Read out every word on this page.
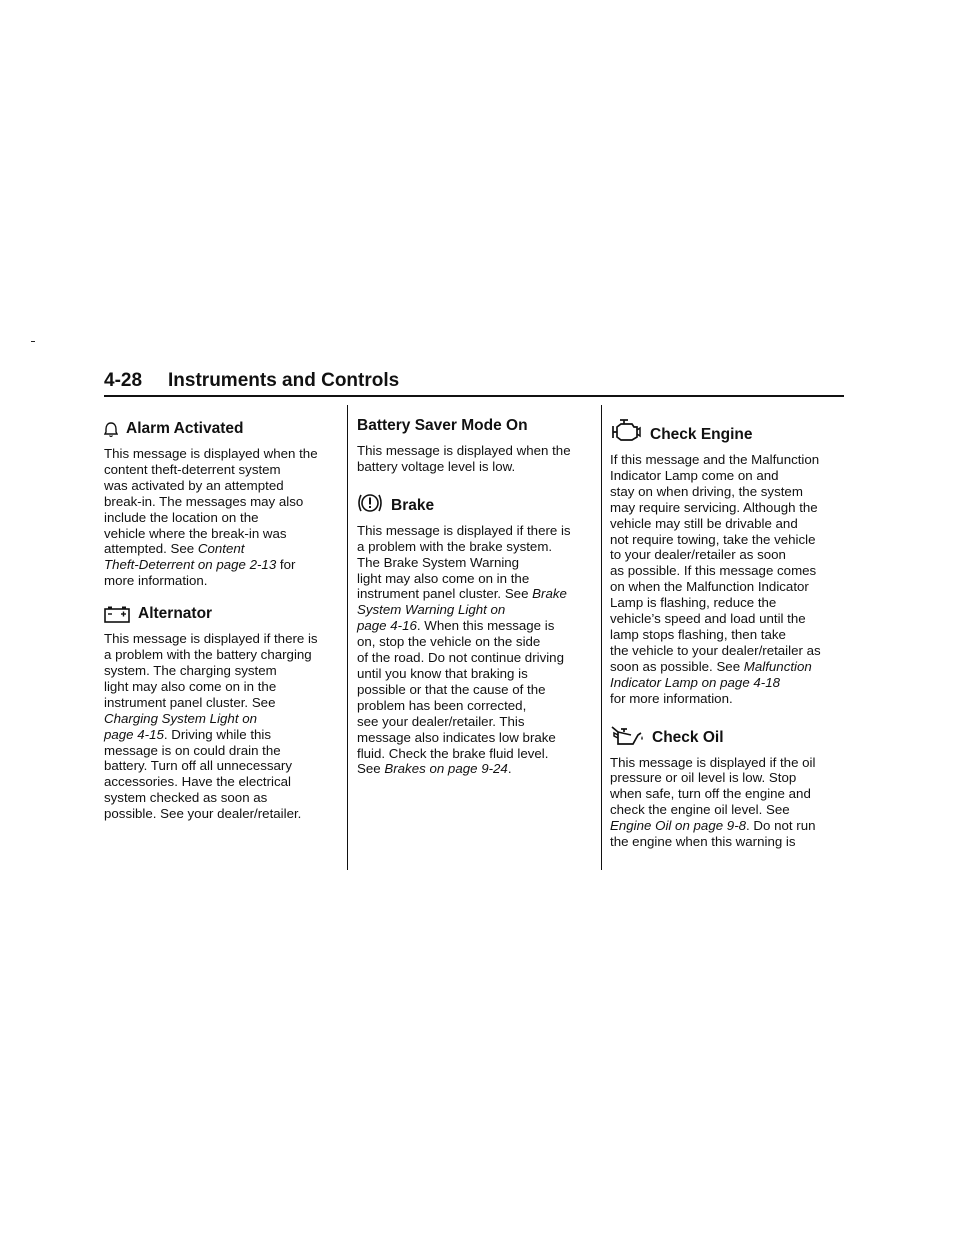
4-28 Instruments and Controls
Alarm Activated

This message is displayed when the
content theft-deterrent system
was activated by an attempted
break-in. The messages may also
include the location on the
vehicle where the break-in was
attempted. See Content
Theft-Deterrent on page 2-13 for
more information.

Alternator

This message is displayed if there is
a problem with the battery charging
system. The charging system
light may also come on in the
instrument panel cluster. See
Charging System Light on
page 4-15. Driving while this
message is on could drain the
battery. Turn off all unnecessary
accessories. Have the electrical
system checked as soon as
possible. See your dealer/retailer.

Battery Saver Mode On

This message is displayed when the
battery voltage level is low.

Brake

This message is displayed if there is
a problem with the brake system.
The Brake System Warning
light may also come on in the
instrument panel cluster. See Brake
System Warning Light on
page 4-16. When this message is
on, stop the vehicle on the side
of the road. Do not continue driving
until you know that braking is
possible or that the cause of the
problem has been corrected,
see your dealer/retailer. This
message also indicates low brake
fluid. Check the brake fluid level.
See Brakes on page 9-24.

Check Engine

If this message and the Malfunction
Indicator Lamp come on and
stay on when driving, the system
may require servicing. Although the
vehicle may still be drivable and
not require towing, take the vehicle
to your dealer/retailer as soon
as possible. If this message comes
on when the Malfunction Indicator
Lamp is flashing, reduce the
vehicle’s speed and load until the
lamp stops flashing, then take
the vehicle to your dealer/retailer as
soon as possible. See Malfunction
Indicator Lamp on page 4-18
for more information.

Check Oil

This message is displayed if the oil
pressure or oil level is low. Stop
when safe, turn off the engine and
check the engine oil level. See
Engine Oil on page 9-8. Do not run
the engine when this warning is
